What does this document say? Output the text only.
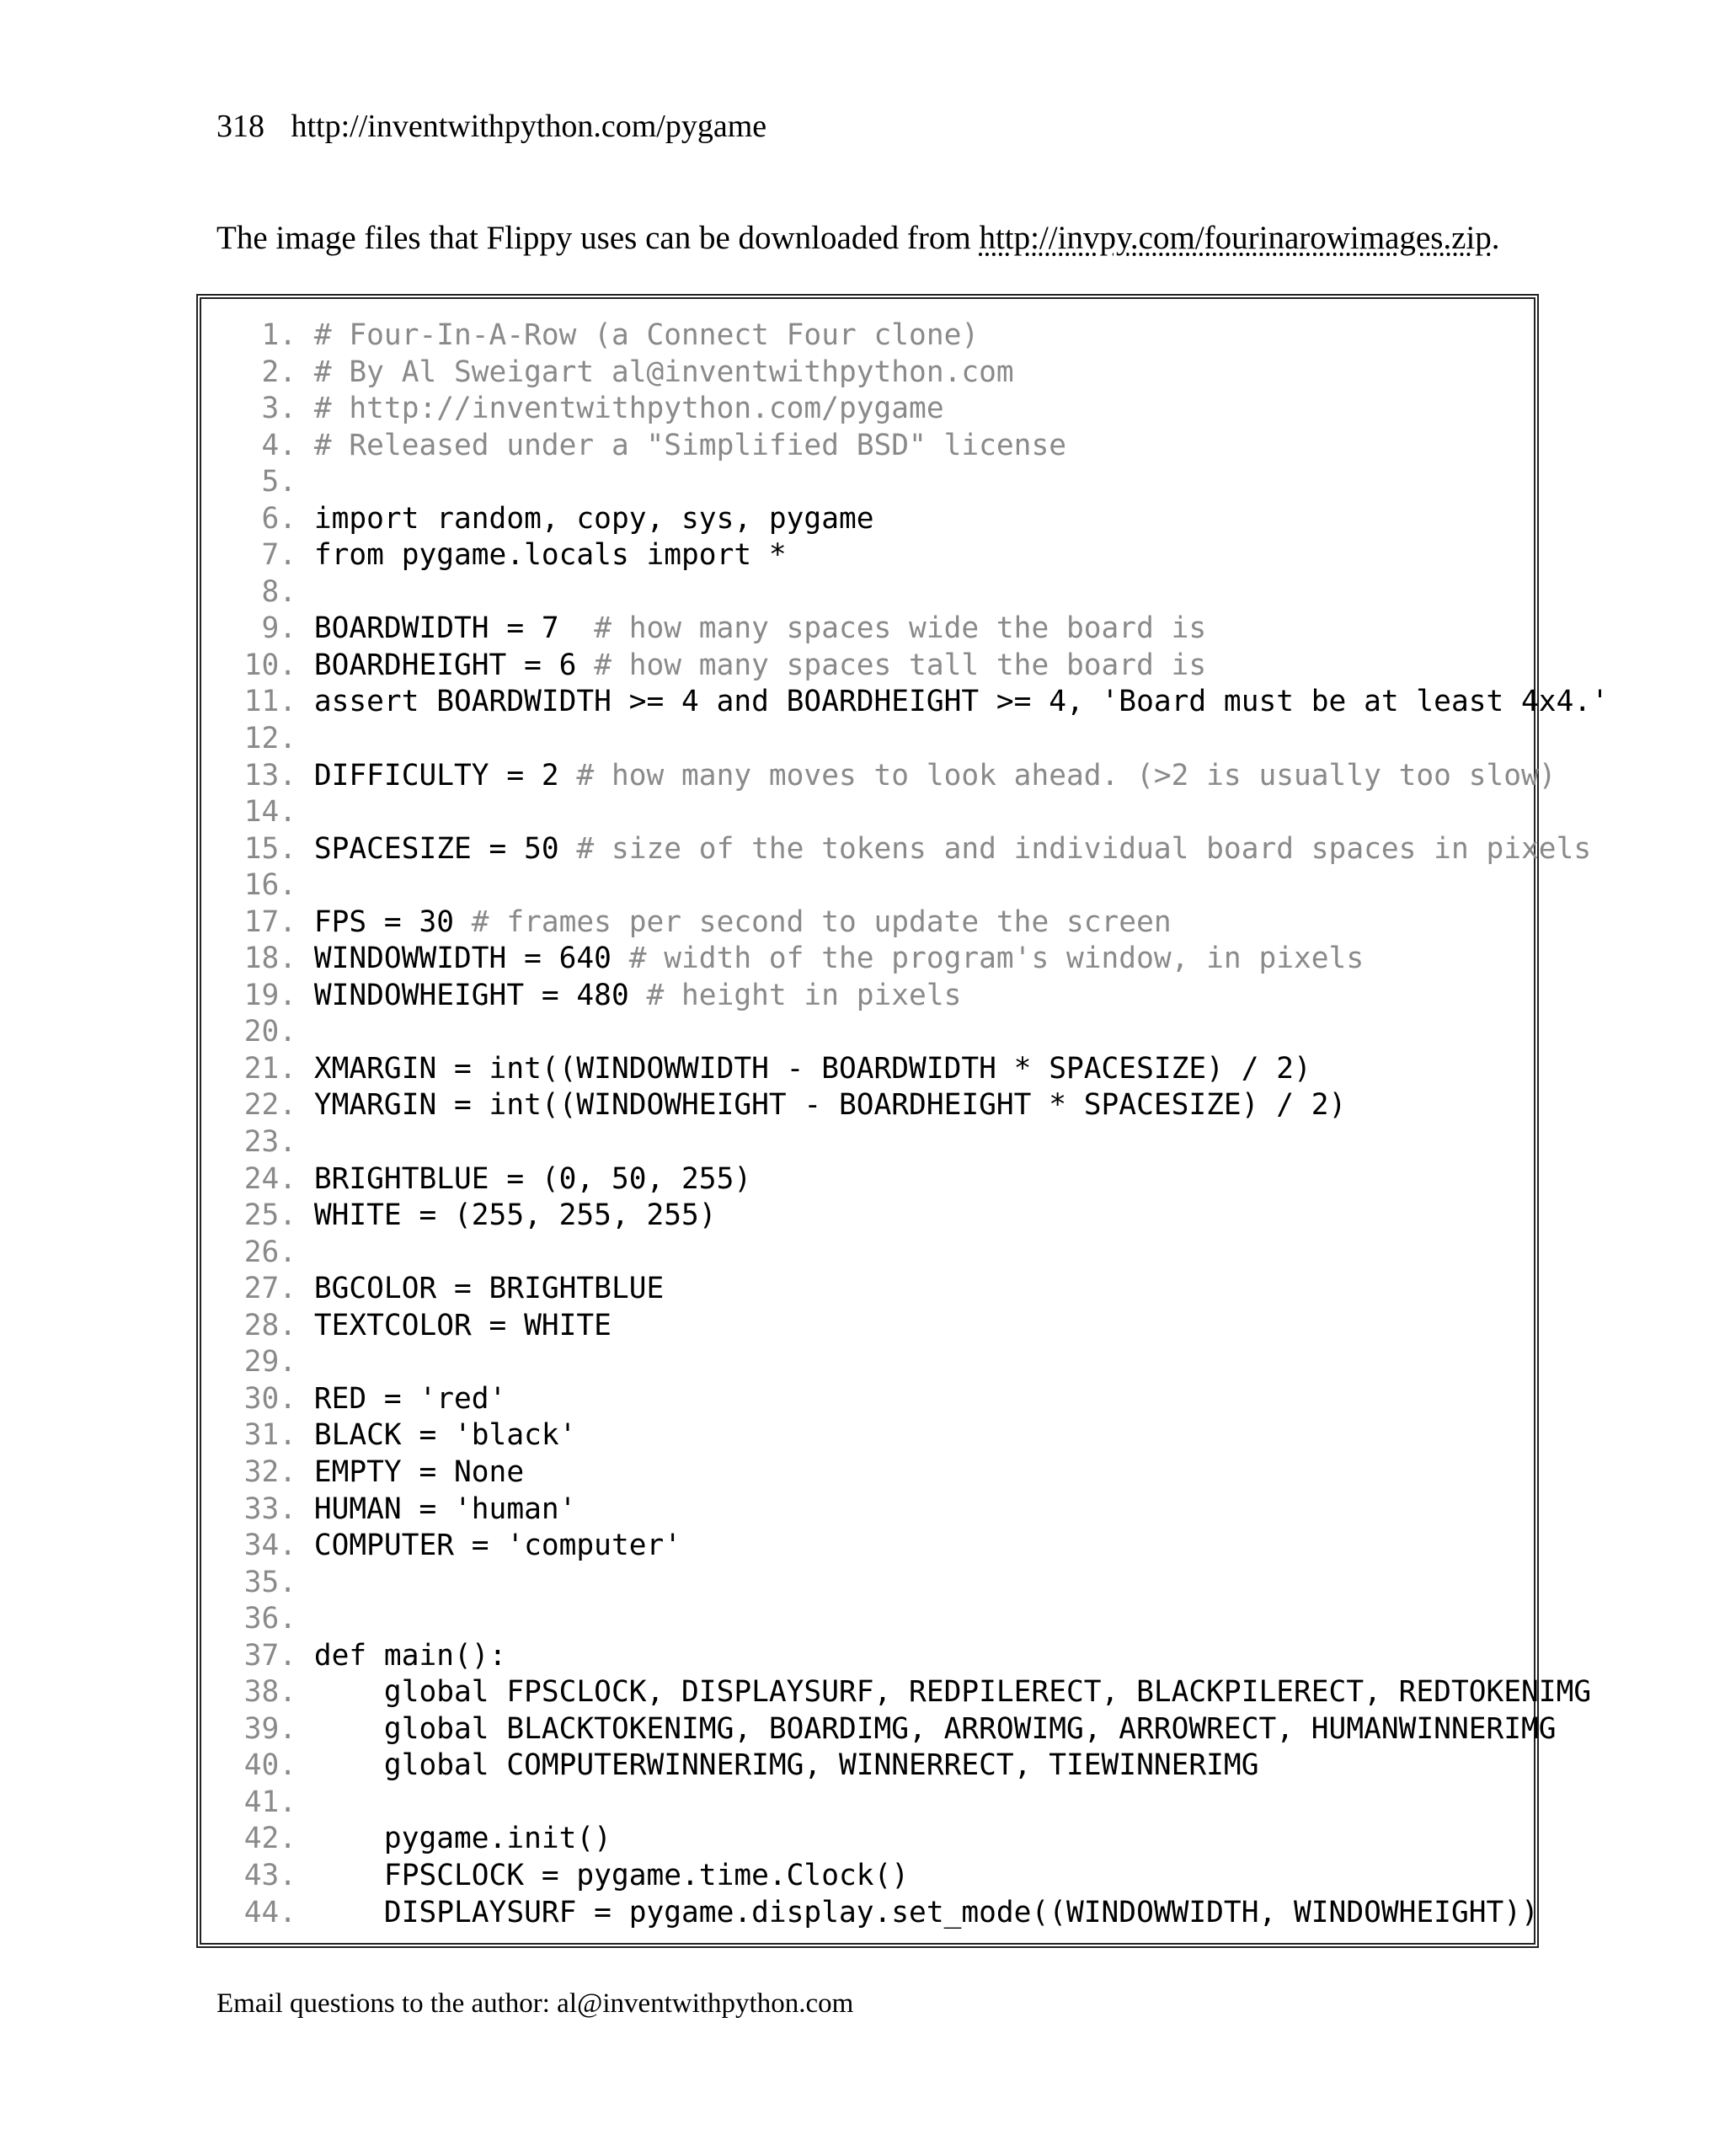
318 http://inventwithpython.com/pygame
The image files that Flippy uses can be downloaded from http://invpy.com/fourinarowimages.zip.
1. # Four-In-A-Row (a Connect Four clone)
2. # By Al Sweigart al@inventwithpython.com
3. # http://inventwithpython.com/pygame
4. # Released under a "Simplified BSD" license
5.
6. import random, copy, sys, pygame
7. from pygame.locals import *
8.
9. BOARDWIDTH = 7  # how many spaces wide the board is
10. BOARDHEIGHT = 6 # how many spaces tall the board is
11. assert BOARDWIDTH >= 4 and BOARDHEIGHT >= 4, 'Board must be at least 4x4.'
12.
13. DIFFICULTY = 2 # how many moves to look ahead. (>2 is usually too slow)
14.
15. SPACESIZE = 50 # size of the tokens and individual board spaces in pixels
16.
17. FPS = 30 # frames per second to update the screen
18. WINDOWWIDTH = 640 # width of the program's window, in pixels
19. WINDOWHEIGHT = 480 # height in pixels
20.
21. XMARGIN = int((WINDOWWIDTH - BOARDWIDTH * SPACESIZE) / 2)
22. YMARGIN = int((WINDOWHEIGHT - BOARDHEIGHT * SPACESIZE) / 2)
23.
24. BRIGHTBLUE = (0, 50, 255)
25. WHITE = (255, 255, 255)
26.
27. BGCOLOR = BRIGHTBLUE
28. TEXTCOLOR = WHITE
29.
30. RED = 'red'
31. BLACK = 'black'
32. EMPTY = None
33. HUMAN = 'human'
34. COMPUTER = 'computer'
35.
36.
37. def main():
38.     global FPSCLOCK, DISPLAYSURF, REDPILERECT, BLACKPILERECT, REDTOKENIMG
39.     global BLACKTOKENIMG, BOARDIMG, ARROWIMG, ARROWRECT, HUMANWINNERIMG
40.     global COMPUTERWINNERIMG, WINNERRECT, TIEWINNERIMG
41.
42.     pygame.init()
43.     FPSCLOCK = pygame.time.Clock()
44.     DISPLAYSURF = pygame.display.set_mode((WINDOWWIDTH, WINDOWHEIGHT))
Email questions to the author: al@inventwithpython.com
